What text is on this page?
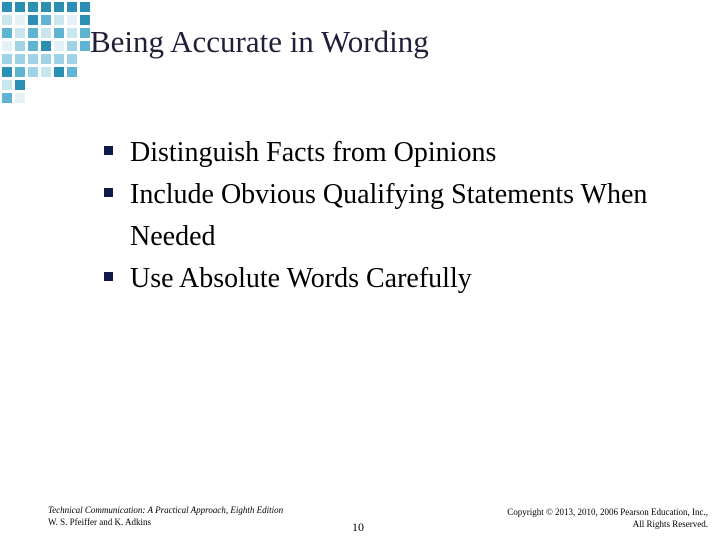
Being Accurate in Wording
Distinguish Facts from Opinions
Include Obvious Qualifying Statements When Needed
Use Absolute Words Carefully
Technical Communication: A Practical Approach, Eighth Edition
W. S. Pfeiffer and K. Adkins	10
Copyright © 2013, 2010, 2006 Pearson Education, Inc.,
All Rights Reserved.
